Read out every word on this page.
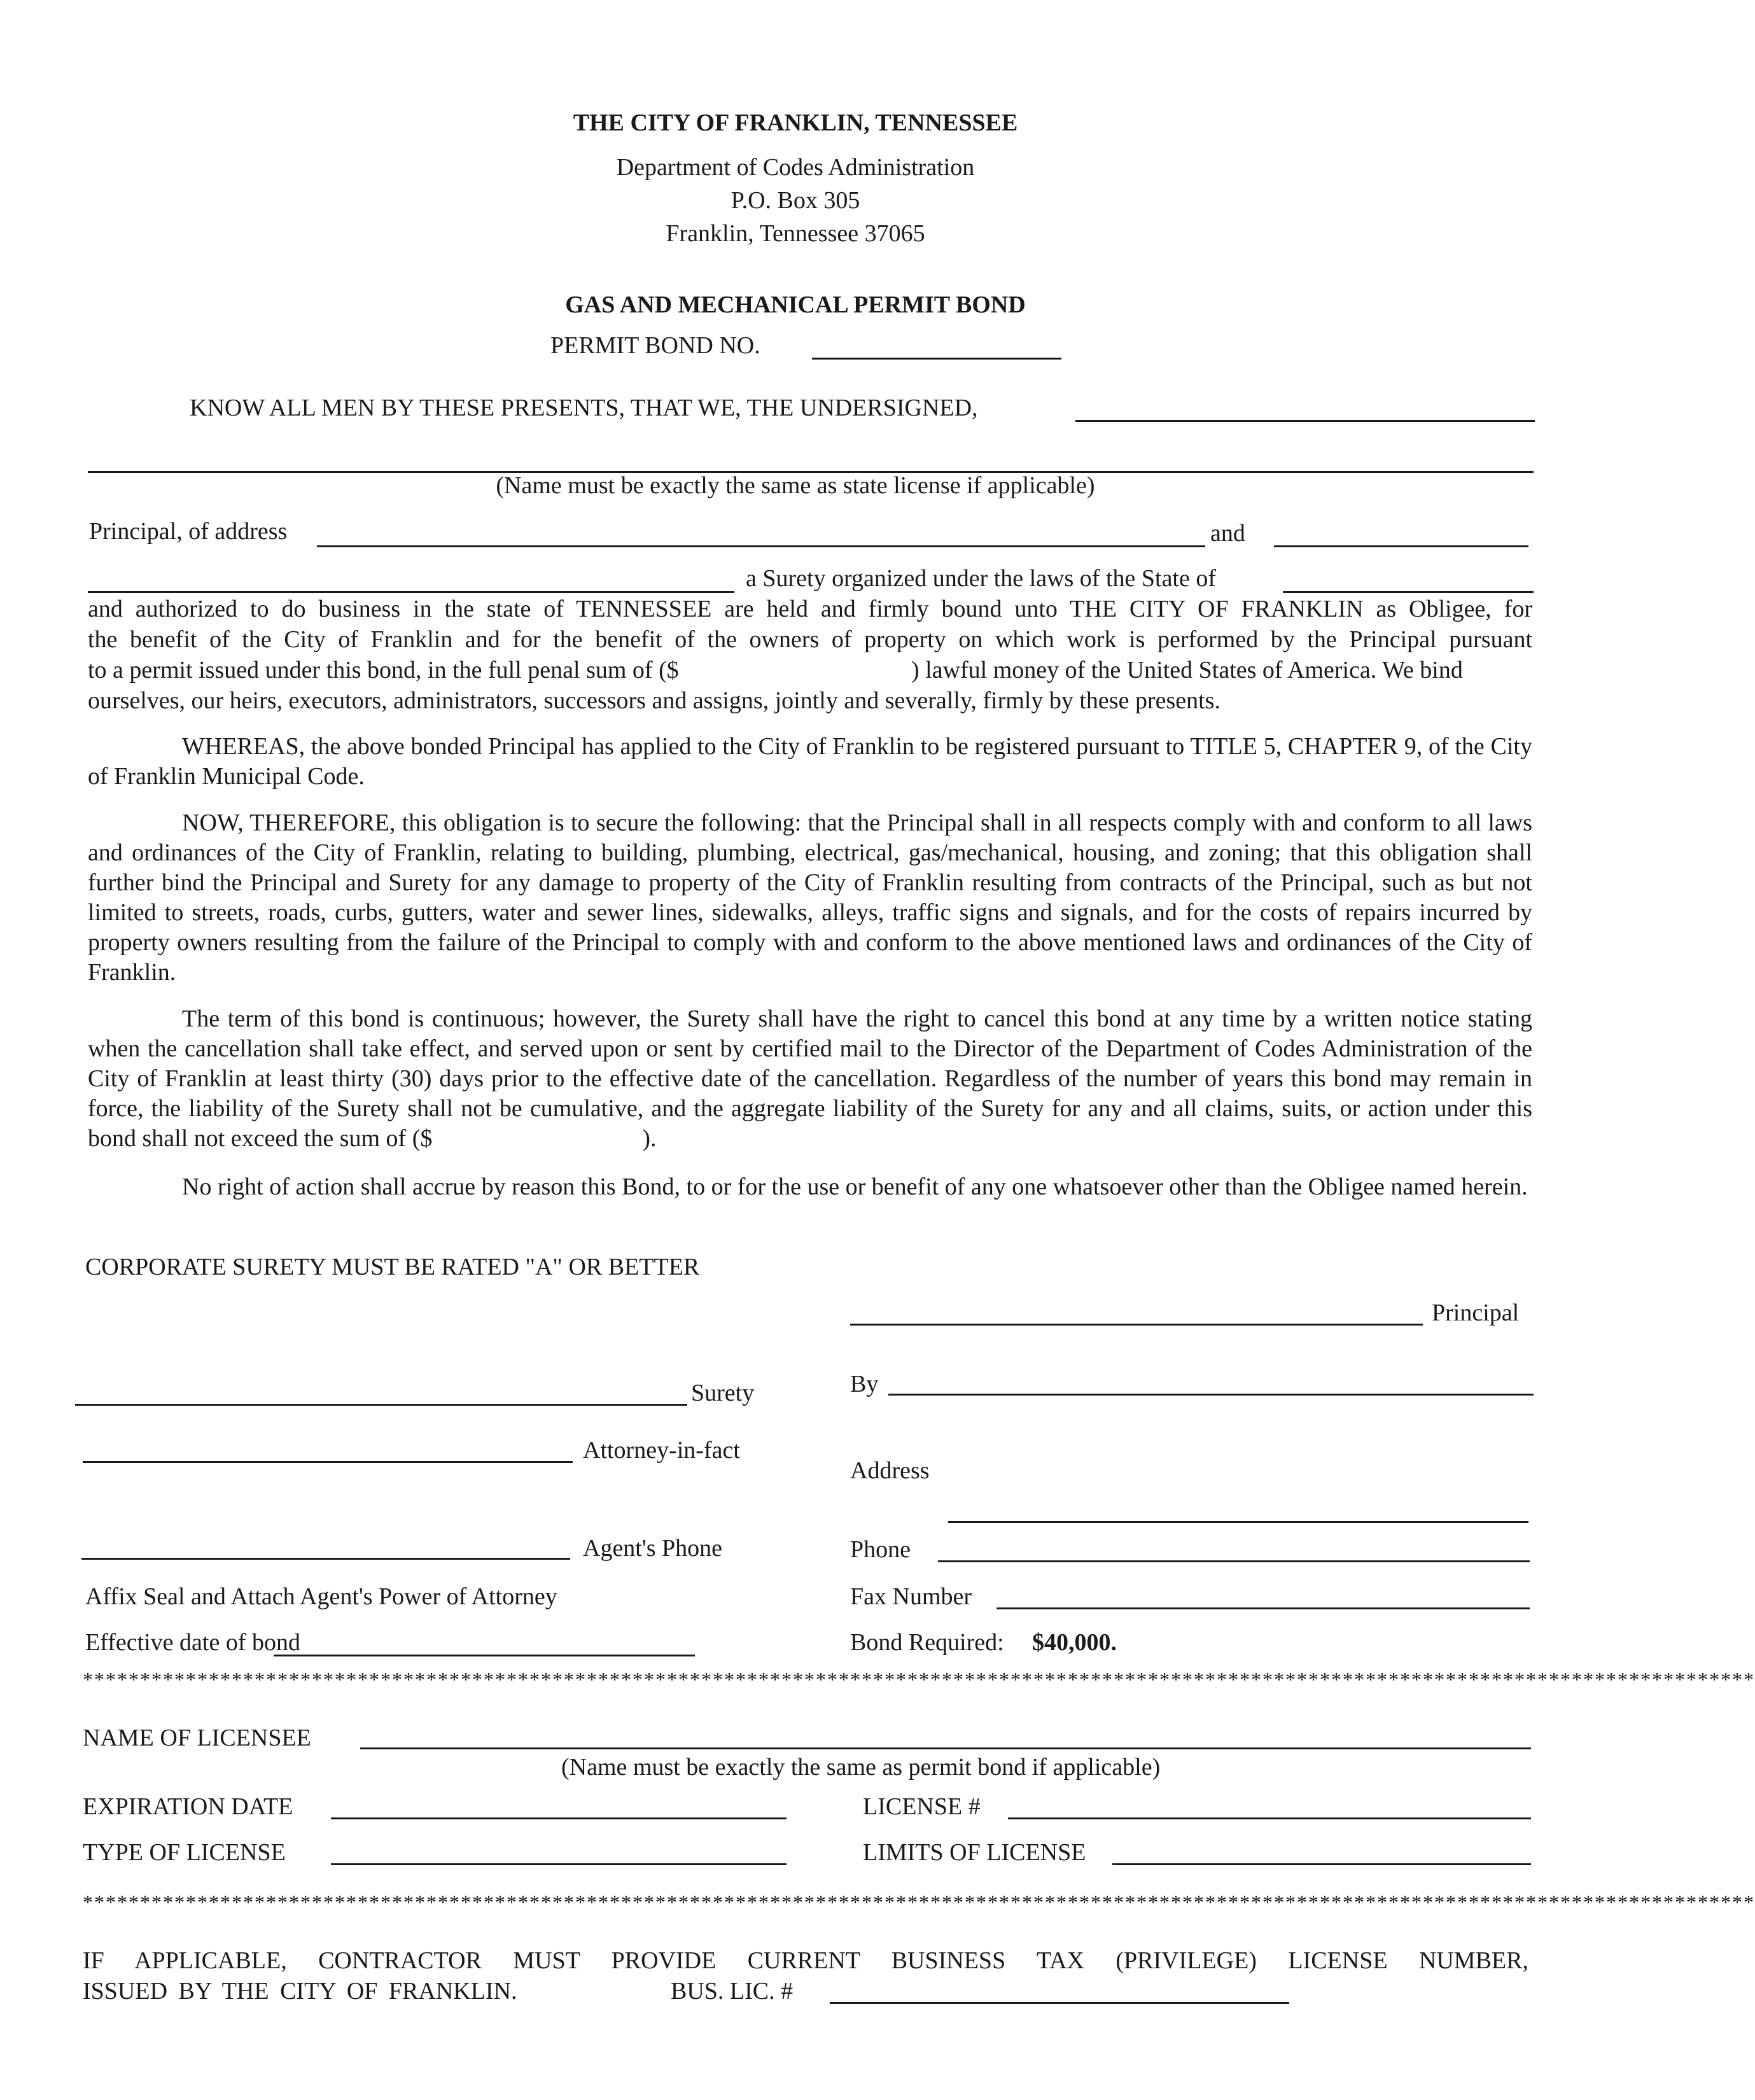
THE CITY OF FRANKLIN, TENNESSEE
Department of Codes Administration
P.O. Box 305
Franklin, Tennessee 37065
GAS AND MECHANICAL PERMIT BOND
PERMIT BOND NO.
KNOW ALL MEN BY THESE PRESENTS, THAT WE, THE UNDERSIGNED,
(Name must be exactly the same as state license if applicable)
Principal, of address	and
a Surety organized under the laws of the State of
and authorized to do business in the state of TENNESSEE are held and firmly bound unto THE CITY OF FRANKLIN as Obligee, for
the benefit of the City of Franklin and for the benefit of the owners of property on which work is performed by the Principal pursuant
to a permit issued under this bond, in the full penal sum of ($	) lawful money of the United States of America. We bind
ourselves, our heirs, executors, administrators, successors and assigns, jointly and severally, firmly by these presents.
WHEREAS, the above bonded Principal has applied to the City of Franklin to be registered pursuant to TITLE 5, CHAPTER 9, of the City of Franklin Municipal Code.
NOW, THEREFORE, this obligation is to secure the following: that the Principal shall in all respects comply with and conform to all laws and ordinances of the City of Franklin, relating to building, plumbing, electrical, gas/mechanical, housing, and zoning; that this obligation shall further bind the Principal and Surety for any damage to property of the City of Franklin resulting from contracts of the Principal, such as but not limited to streets, roads, curbs, gutters, water and sewer lines, sidewalks, alleys, traffic signs and signals, and for the costs of repairs incurred by property owners resulting from the failure of the Principal to comply with and conform to the above mentioned laws and ordinances of the City of Franklin.
The term of this bond is continuous; however, the Surety shall have the right to cancel this bond at any time by a written notice stating when the cancellation shall take effect, and served upon or sent by certified mail to the Director of the Department of Codes Administration of the City of Franklin at least thirty (30) days prior to the effective date of the cancellation. Regardless of the number of years this bond may remain in force, the liability of the Surety shall not be cumulative, and the aggregate liability of the Surety for any and all claims, suits, or action under this bond shall not exceed the sum of ($	).
No right of action shall accrue by reason this Bond, to or for the use or benefit of any one whatsoever other than the Obligee named herein.
CORPORATE SURETY MUST BE RATED "A" OR BETTER
Principal
Surety	By
Attorney-in-fact
Address
Agent's Phone	Phone
Affix Seal and Attach Agent's Power of Attorney	Fax Number
Effective date of bond	Bond Required: $40,000.
**************************************************************************************************************************************************
NAME OF LICENSEE
(Name must be exactly the same as permit bond if applicable)
EXPIRATION DATE	LICENSE #
TYPE OF LICENSE	LIMITS OF LICENSE
**************************************************************************************************************************************************
IF APPLICABLE, CONTRACTOR MUST PROVIDE CURRENT BUSINESS TAX (PRIVILEGE) LICENSE NUMBER,
ISSUED BY THE CITY OF FRANKLIN.	BUS. LIC. #
